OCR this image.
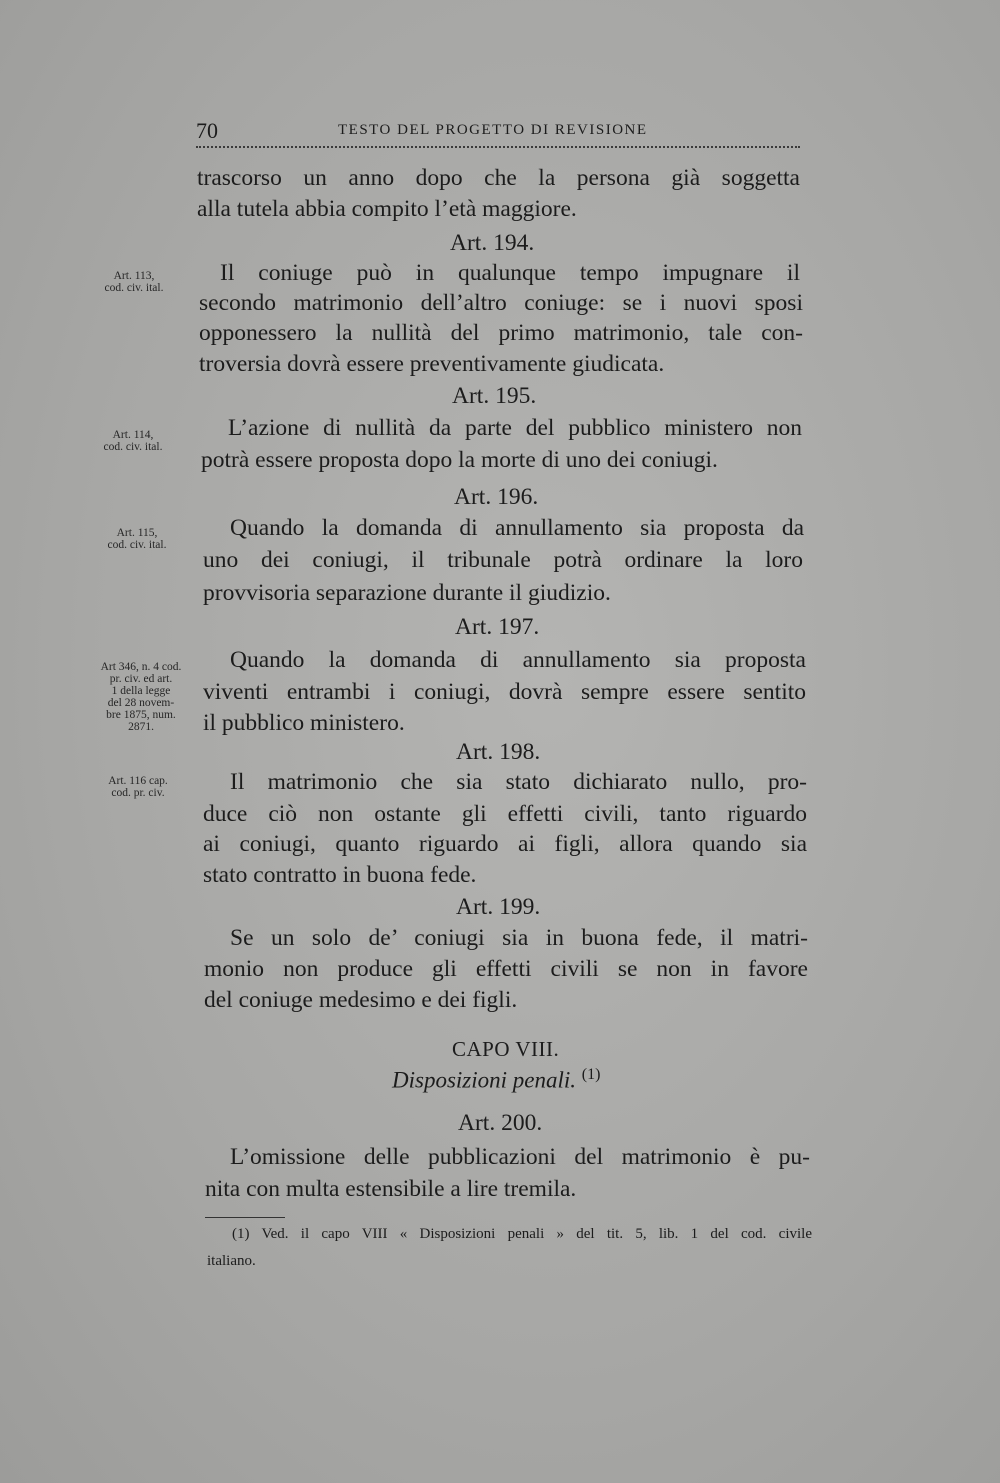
70	TESTO DEL PROGETTO DI REVISIONE
trascorso un anno dopo che la persona già soggetta
alla tutela abbia compito l’età maggiore.
Art. 194.
Art. 113,
cod. civ. ital.
Il coniuge può in qualunque tempo impugnare il
secondo matrimonio dell’altro coniuge: se i nuovi sposi
opponessero la nullità del primo matrimonio, tale con-
troversia dovrà essere preventivamente giudicata.
Art. 195.
Art. 114,
cod. civ. ital.
L’azione di nullità da parte del pubblico ministero non
potrà essere proposta dopo la morte di uno dei coniugi.
Art. 196.
Art. 115,
cod. civ. ital.
Quando la domanda di annullamento sia proposta da
uno dei coniugi, il tribunale potrà ordinare la loro
provvisoria separazione durante il giudizio.
Art. 197.
Art 346, n. 4 cod.
pr. civ. ed art.
1 della legge
del 28 novem-
bre 1875, num.
2871.
Quando la domanda di annullamento sia proposta
viventi entrambi i coniugi, dovrà sempre essere sentito
il pubblico ministero.
Art. 198.
Art. 116 cap.
cod. pr. civ.	Il matrimonio che sia stato dichiarato nullo, pro-
duce ciò non ostante gli effetti civili, tanto riguardo
ai coniugi, quanto riguardo ai figli, allora quando sia
stato contratto in buona fede.
Art. 199.
Se un solo de’ coniugi sia in buona fede, il matri-
monio non produce gli effetti civili se non in favore
del coniuge medesimo e dei figli.
CAPO VIII.
Disposizioni penali. $^{(1)}$
Art. 200.
L’omissione delle pubblicazioni del matrimonio è pu-
nita con multa estensibile a lire tremila.
(1) Ved. il capo VIII « Disposizioni penali » del tit. 5, lib. 1 del cod. civile
italiano.
